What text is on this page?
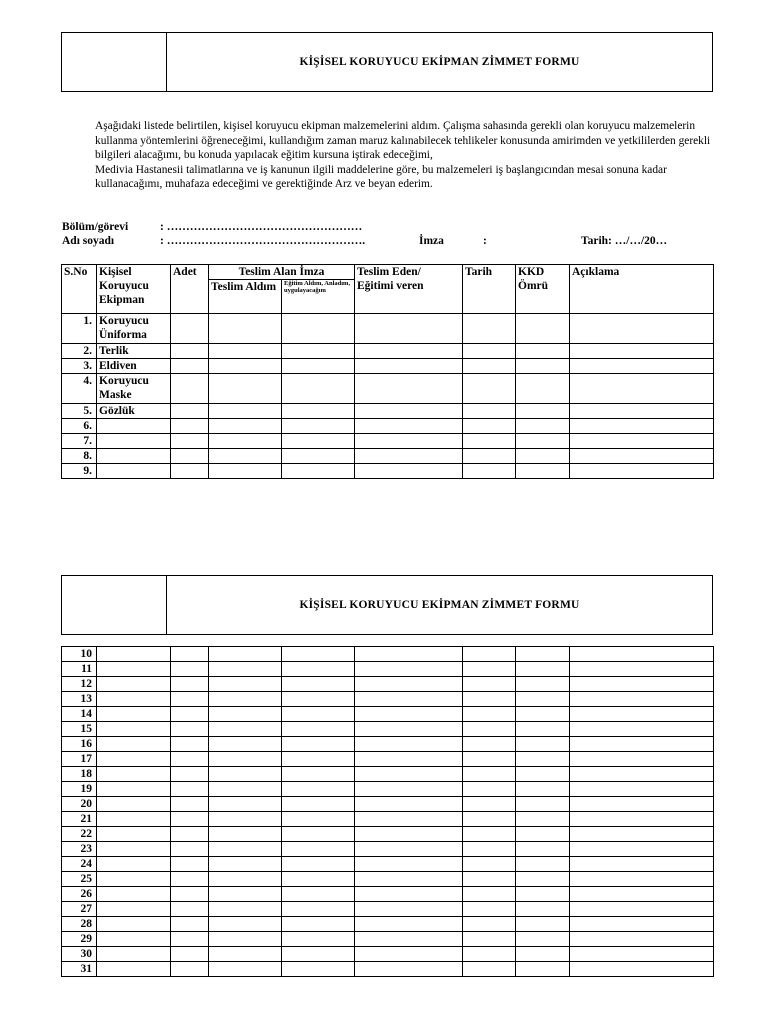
KİŞİSEL KORUYUCU EKİPMAN ZİMMET FORMU

Aşağıdaki listede belirtilen, kişisel koruyucu ekipman malzemelerini aldım. Çalışma sahasında gerekli olan koruyucu malzemelerin kullanma yöntemlerini öğreneceğimi, kullandığım zaman maruz kalınabilecek tehlikeler konusunda amirimden ve yetkililerden gerekli bilgileri alacağımı, bu konuda yapılacak eğitim kursuna iştirak edeceğimi,

Medivia Hastanesii talimatlarına ve iş kanunun ilgili maddelerine göre, bu malzemeleri iş başlangıcından mesai sonuna kadar kullanacağımı, muhafaza edeceğimi ve gerektiğinde Arz ve beyan ederim.

Bölüm/görevi	: ……………………………………………
Adı soyadı	: …………………………………………….	İmza	:	Tarih: …/…/20…
S.No	Kişisel Koruyucu Ekipman	Adet	Teslim Alan İmza		Teslim Eden/ Eğitimi veren	Tarih	KKD Ömrü	Açıklama
			Teslim Aldım	Eğitim Aldım, Anladım, uygulayacağım				
1.	Koruyucu Üniforma							
2.	Terlik							
3.	Eldiven							
4.	Koruyucu Maske							
5.	Gözlük							
6.								
7.								
8.								
9.								
KİŞİSEL KORUYUCU EKİPMAN ZİMMET FORMU
10								
11								
12								
13								
14								
15								
16								
17								
18								
19								
20								
21								
22								
23								
24								
25								
26								
27								
28								
29								
30								
31								
